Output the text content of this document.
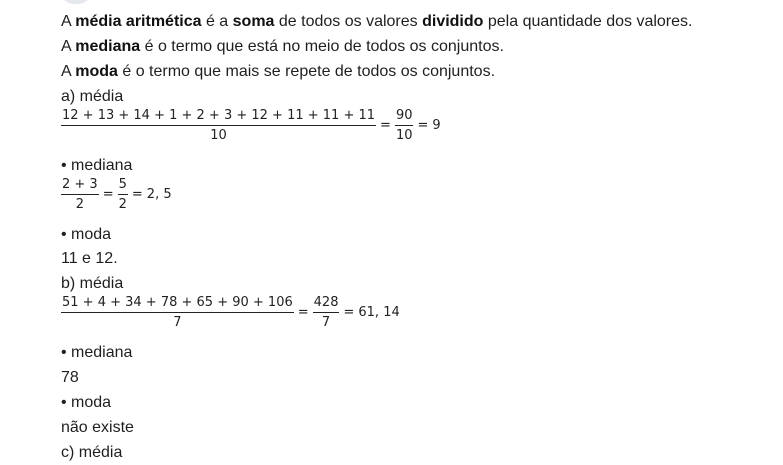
A média aritmética é a soma de todos os valores dividido pela quantidade dos valores.
A mediana é o termo que está no meio de todos os conjuntos.
A moda é o termo que mais se repete de todos os conjuntos.
a) média
$\frac{12 + 13 + 14 + 1 + 2 + 3 + 12 + 11 + 11 + 11}{10} = \frac{90}{10} = 9$
• mediana
$\frac{2 + 3}{2} = \frac{5}{2} = 2$, 5
• moda
11 e 12.
b) média
$\frac{51 + 4 + 34 + 78 + 65 + 90 + 106}{7} = \frac{428}{7} = 61$, 14
• mediana
78
• moda
não existe
c) média
